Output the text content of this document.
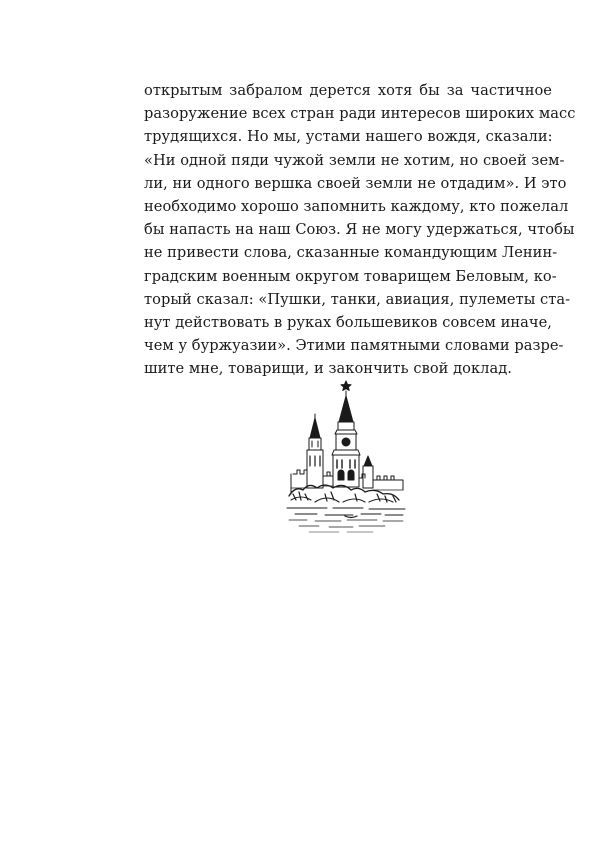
открытым забралом дерется хотя бы за частичное
разоружение всех стран ради интересов широких масс
трудящихся. Но мы, устами нашего вождя, сказали:
«Ни одной пяди чужой земли не хотим, но своей зем-
ли, ни одного вершка своей земли не отдадим». И это
необходимо хорошо запомнить каждому, кто пожелал
бы напасть на наш Союз. Я не могу удержаться, чтобы
не привести слова, сказанные командующим Ленин-
градским военным округом товарищем Беловым, ко-
торый сказал: «Пушки, танки, авиация, пулеметы ста-
нут действовать в руках большевиков совсем иначе,
чем у буржуазии». Этими памятными словами разре-
шите мне, товарищи, и закончить свой доклад.
